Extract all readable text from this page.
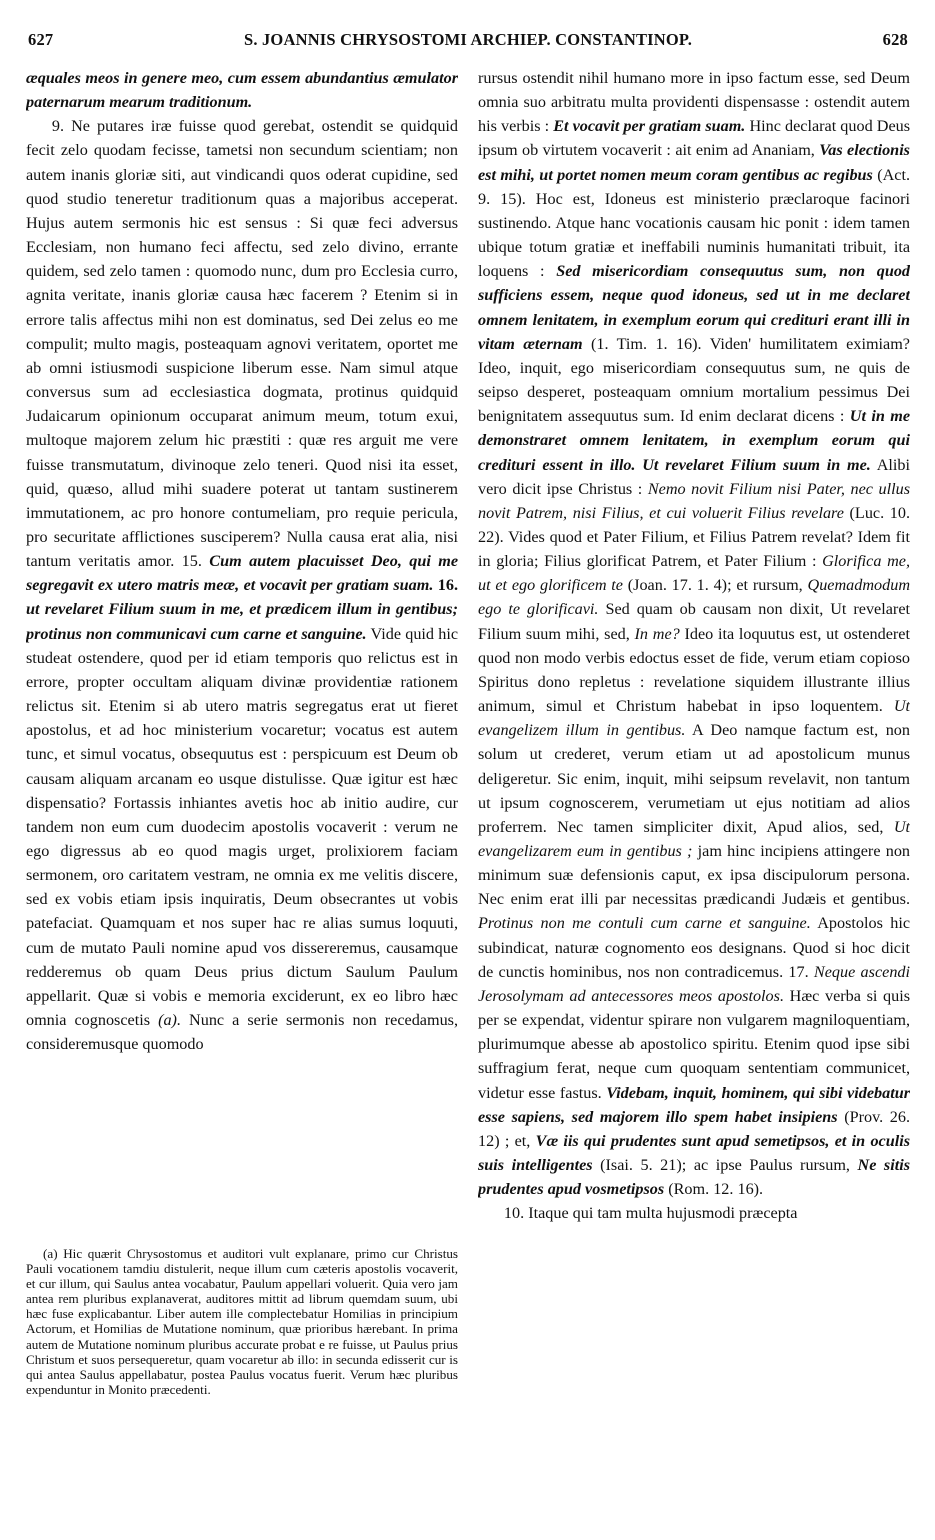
627	S. JOANNIS CHRYSOSTOMI ARCHIEP. CONSTANTINOP.	628

æquales meos in genere meo, cum essem abundantius æmulator paternarum mearum traditionum.

9. Ne putares iræ fuisse quod gerebat, ostendit se quidquid fecit zelo quodam fecisse, tametsi non secundum scientiam; non autem inanis gloriæ siti, aut vindicandi quos oderat cupidine, sed quod studio teneretur traditionum quas a majoribus acceperat. Hujus autem sermonis hic est sensus : Si quæ feci adversus Ecclesiam, non humano feci affectu, sed zelo divino, errante quidem, sed zelo tamen : quomodo nunc, dum pro Ecclesia curro, agnita veritate, inanis gloriæ causa hæc facerem ? Etenim si in errore talis affectus mihi non est dominatus, sed Dei zelus eo me compulit; multo magis, posteaquam agnovi veritatem, oportet me ab omni istiusmodi suspicione liberum esse. Nam simul atque conversus sum ad ecclesiastica dogmata, protinus quidquid Judaicarum opinionum occuparat animum meum, totum exui, multoque majorem zelum hic præstiti : quæ res arguit me vere fuisse transmutatum, divinoque zelo teneri. Quod nisi ita esset, quid, quæso, allud mihi suadere poterat ut tantam sustinerem immutationem, ac pro honore contumeliam, pro requie pericula, pro securitate afflictiones susciperem? Nulla causa erat alia, nisi tantum veritatis amor. 15. Cum autem placuisset Deo, qui me segregavit ex utero matris meæ, et vocavit per gratiam suam. 16. ut revelaret Filium suum in me, et prædicem illum in gentibus; protinus non communicavi cum carne et sanguine. Vide quid hic studeat ostendere, quod per id etiam temporis quo relictus est in errore, propter occultam aliquam divinæ providentiæ rationem relictus sit. Etenim si ab utero matris segregatus erat ut fieret apostolus, et ad hoc ministerium vocaretur; vocatus est autem tunc, et simul vocatus, obsequutus est : perspicuum est Deum ob causam aliquam arcanam eo usque distulisse. Quæ igitur est hæc dispensatio? Fortassis inhiantes avetis hoc ab initio audire, cur tandem non eum cum duodecim apostolis vocaverit : verum ne ego digressus ab eo quod magis urget, prolixiorem faciam sermonem, oro caritatem vestram, ne omnia ex me velitis discere, sed ex vobis etiam ipsis inquiratis, Deum obsecrantes ut vobis patefaciat. Quamquam et nos super hac re alias sumus loquuti, cum de mutato Pauli nomine apud vos dissereremus, causamque redderemus ob quam Deus prius dictum Saulum Paulum appellarit. Quæ si vobis e memoria exciderunt, ex eo libro hæc omnia cognoscetis (a). Nunc a serie sermonis non recedamus, consideremusque quomodo

(a) Hic quærit Chrysostomus et auditori vult explanare, primo cur Christus Pauli vocationem tamdiu distulerit, neque illum cum cæteris apostolis vocaverit, et cur illum, qui Saulus antea vocabatur, Paulum appellari voluerit. Quia vero jam antea rem pluribus explanaverat, auditores mittit ad librum quemdam suum, ubi hæc fuse explicabantur. Liber autem ille complectebatur Homilias in principium Actorum, et Homilias de Mutatione nominum, quæ prioribus hærebant. In prima autem de Mutatione nominum pluribus accurate probat e re fuisse, ut Paulus prius Christum et suos persequeretur, quam vocaretur ab illo: in secunda edisserit cur is qui antea Saulus appellabatur, postea Paulus vocatus fuerit. Verum hæc pluribus expenduntur in Monito præcedenti.

rursus ostendit nihil humano more in ipso factum esse, sed Deum omnia suo arbitratu multa providenti dispensasse : ostendit autem his verbis : Et vocavit per gratiam suam. Hinc declarat quod Deus ipsum ob virtutem vocaverit : ait enim ad Ananiam, Vas electionis est mihi, ut portet nomen meum coram gentibus ac regibus (Act. 9. 15). Hoc est, Idoneus est ministerio præclaroque facinori sustinendo. Atque hanc vocationis causam hic ponit : idem tamen ubique totum gratiæ et ineffabili numinis humanitati tribuit, ita loquens : Sed misericordiam consequutus sum, non quod sufficiens essem, neque quod idoneus, sed ut in me declaret omnem lenitatem, in exemplum eorum qui credituri erant illi in vitam æternam (1. Tim. 1. 16). Viden' humilitatem eximiam? Ideo, inquit, ego misericordiam consequutus sum, ne quis de seipso desperet, posteaquam omnium mortalium pessimus Dei benignitatem assequutus sum. Id enim declarat dicens : Ut in me demonstraret omnem lenitatem, in exemplum eorum qui credituri essent in illo. Ut revelaret Filium suum in me. Alibi vero dicit ipse Christus : Nemo novit Filium nisi Pater, nec ullus novit Patrem, nisi Filius, et cui voluerit Filius revelare (Luc. 10. 22). Vides quod et Pater Filium, et Filius Patrem revelat? Idem fit in gloria; Filius glorificat Patrem, et Pater Filium : Glorifica me, ut et ego glorificem te (Joan. 17. 1. 4); et rursum, Quemadmodum ego te glorificavi. Sed quam ob causam non dixit, Ut revelaret Filium suum mihi, sed, In me? Ideo ita loquutus est, ut ostenderet quod non modo verbis edoctus esset de fide, verum etiam copioso Spiritus dono repletus : revelatione siquidem illustrante illius animum, simul et Christum habebat in ipso loquentem. Ut evangelizem illum in gentibus. A Deo namque factum est, non solum ut crederet, verum etiam ut ad apostolicum munus deligeretur. Sic enim, inquit, mihi seipsum revelavit, non tantum ut ipsum cognoscerem, verumetiam ut ejus notitiam ad alios proferrem. Nec tamen simpliciter dixit, Apud alios, sed, Ut evangelizarem eum in gentibus ; jam hinc incipiens attingere non minimum suæ defensionis caput, ex ipsa discipulorum persona. Nec enim erat illi par necessitas prædicandi Judæis et gentibus. Protinus non me contuli cum carne et sanguine. Apostolos hic subindicat, naturæ cognomento eos designans. Quod si hoc dicit de cunctis hominibus, nos non contradicemus. 17. Neque ascendi Jerosolymam ad antecessores meos apostolos. Hæc verba si quis per se expendat, videntur spirare non vulgarem magniloquentiam, plurimumque abesse ab apostolico spiritu. Etenim quod ipse sibi suffragium ferat, neque cum quoquam sententiam communicet, videtur esse fastus. Videbam, inquit, hominem, qui sibi videbatur esse sapiens, sed majorem illo spem habet insipiens (Prov. 26. 12) ; et, Væ iis qui prudentes sunt apud semetipsos, et in oculis suis intelligentes (Isai. 5. 21); ac ipse Paulus rursum, Ne sitis prudentes apud vosmetipsos (Rom. 12. 16).

10. Itaque qui tam multa hujusmodi præcepta
